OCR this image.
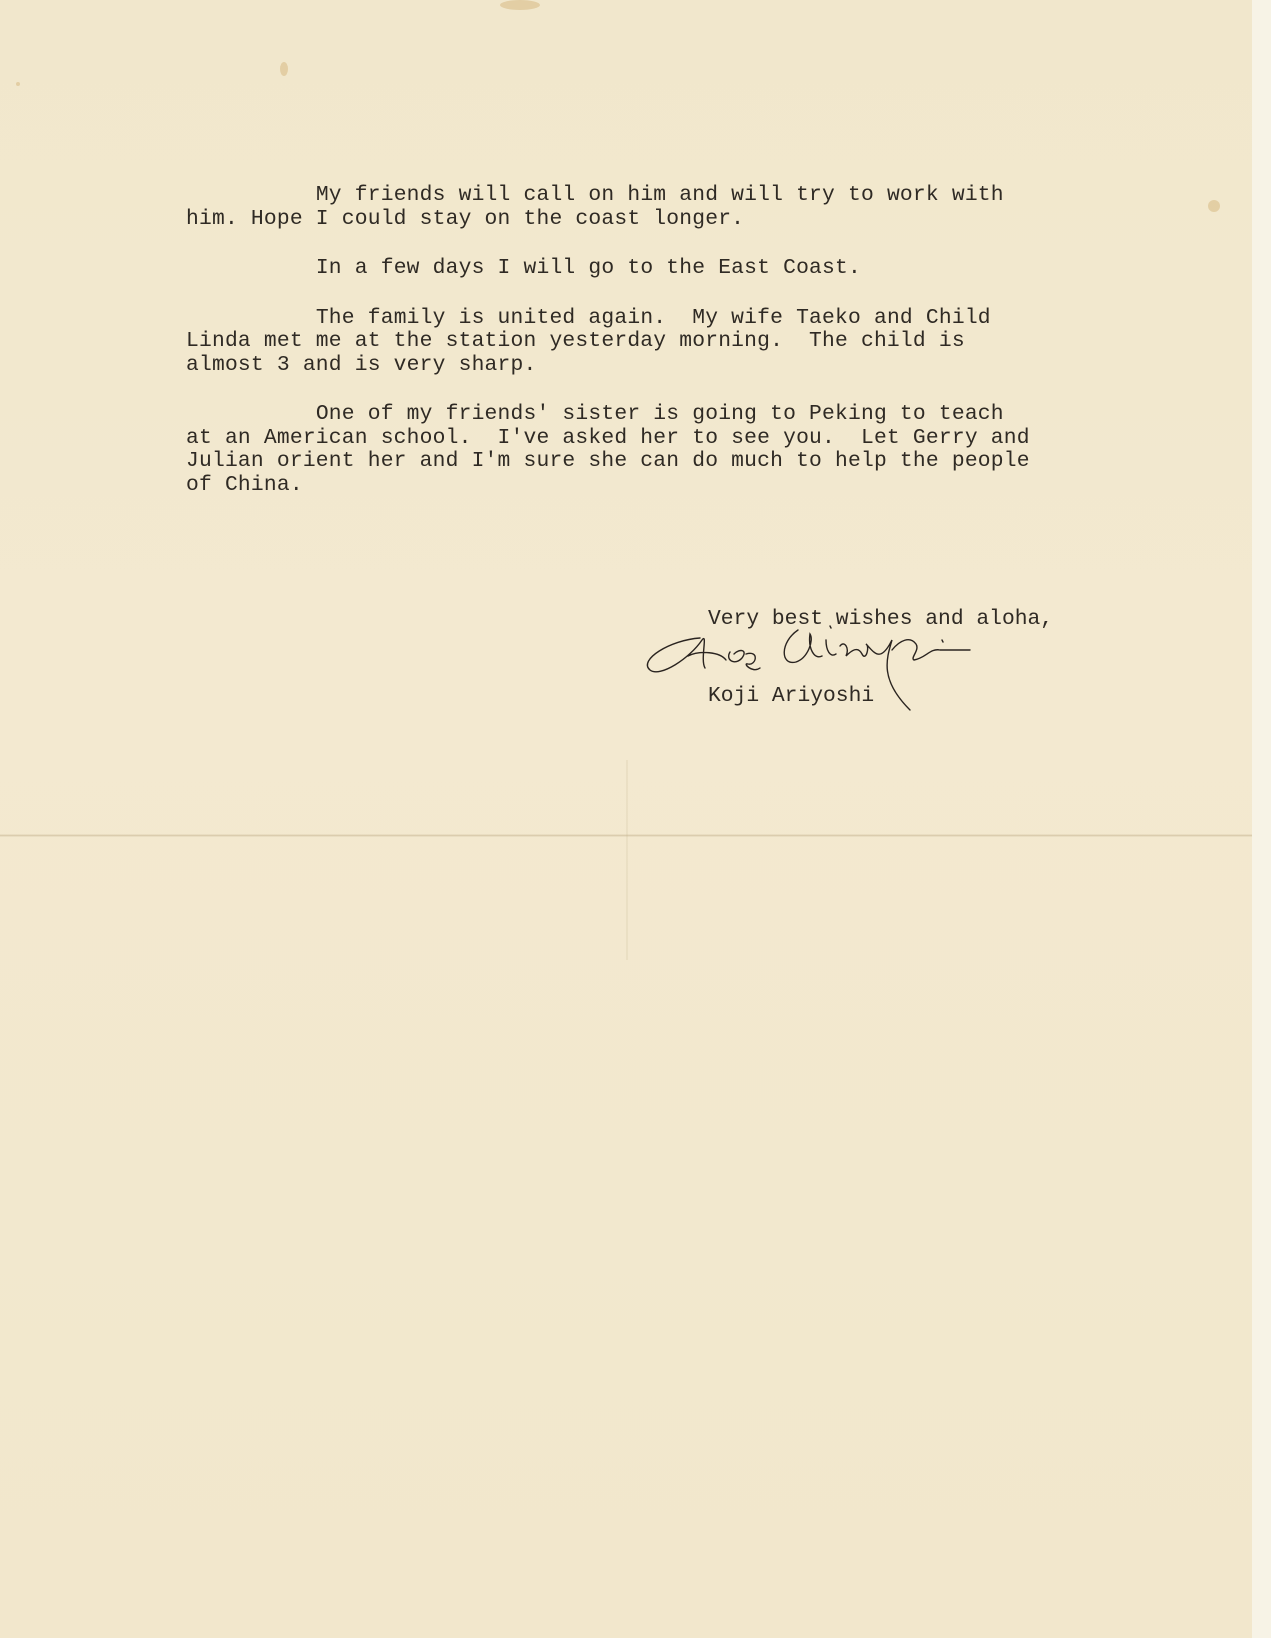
My friends will call on him and will try to work with
him. Hope I could stay on the coast longer.

In a few days I will go to the East Coast.

The family is united again.  My wife Taeko and Child
Linda met me at the station yesterday morning.  The child is
almost 3 and is very sharp.

One of my friends' sister is going to Peking to teach
at an American school.  I've asked her to see you.  Let Gerry and
Julian orient her and I'm sure she can do much to help the people
of China.

Very best wishes and aloha,
Koji Ariyoshi
